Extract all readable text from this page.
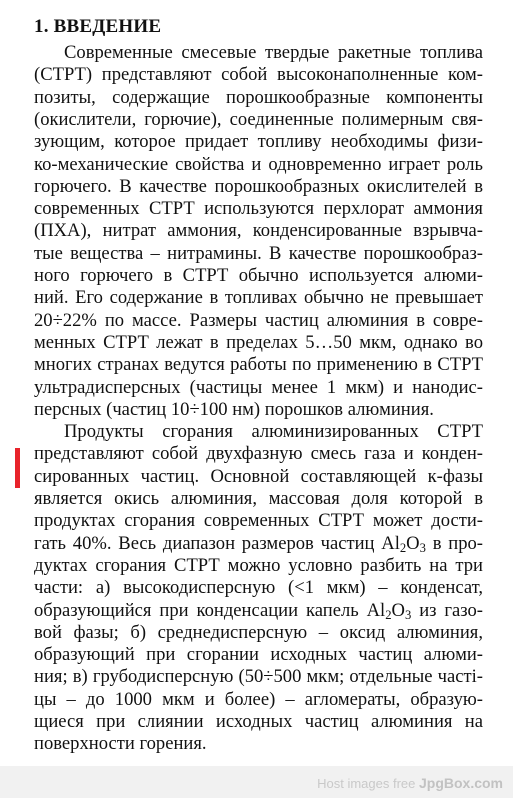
1. ВВЕДЕНИЕ
Современные смесевые твердые ракетные топлива
(СТРТ) представляют собой высоконаполненные ком-
позиты, содержащие порошкообразные компоненты
(окислители, горючие), соединенные полимерным свя-
зующим, которое придает топливу необходимы физи-
ко-механические свойства и одновременно играет роль
горючего. В качестве порошкообразных окислителей в
современных СТРТ используются перхлорат аммония
(ПХА), нитрат аммония, конденсированные взрывча-
тые вещества – нитрамины. В качестве порошкообраз-
ного горючего в СТРТ обычно используется алюми-
ний. Его содержание в топливах обычно не превышает
20÷22% по массе. Размеры частиц алюминия в совре-
менных СТРТ лежат в пределах 5…50 мкм, однако во
многих странах ведутся работы по применению в СТРТ
ультрадисперсных (частицы менее 1 мкм) и нанодис-
персных (частиц 10÷100 нм) порошков алюминия.
Продукты сгорания алюминизированных СТРТ
представляют собой двухфазную смесь газа и конден-
сированных частиц. Основной составляющей к-фазы
является окись алюминия, массовая доля которой в
продуктах сгорания современных СТРТ может дости-
гать 40%. Весь диапазон размеров частиц $Al_2O_3$ в про-
дуктах сгорания СТРТ можно условно разбить на три
части: а) высокодисперсную (<1 мкм) – конденсат,
образующийся при конденсации капель $Al_2O_3$ из газо-
вой фазы; б) среднедисперсную – оксид алюминия,
образующий при сгорании исходных частиц алюми-
ния; в) грубодисперсную (50÷500 мкм; отдельные часті-
цы – до 1000 мкм и более) – агломераты, образую-
щиеся при слиянии исходных частиц алюминия на
поверхности горения.
Host images free JpgBox.com
